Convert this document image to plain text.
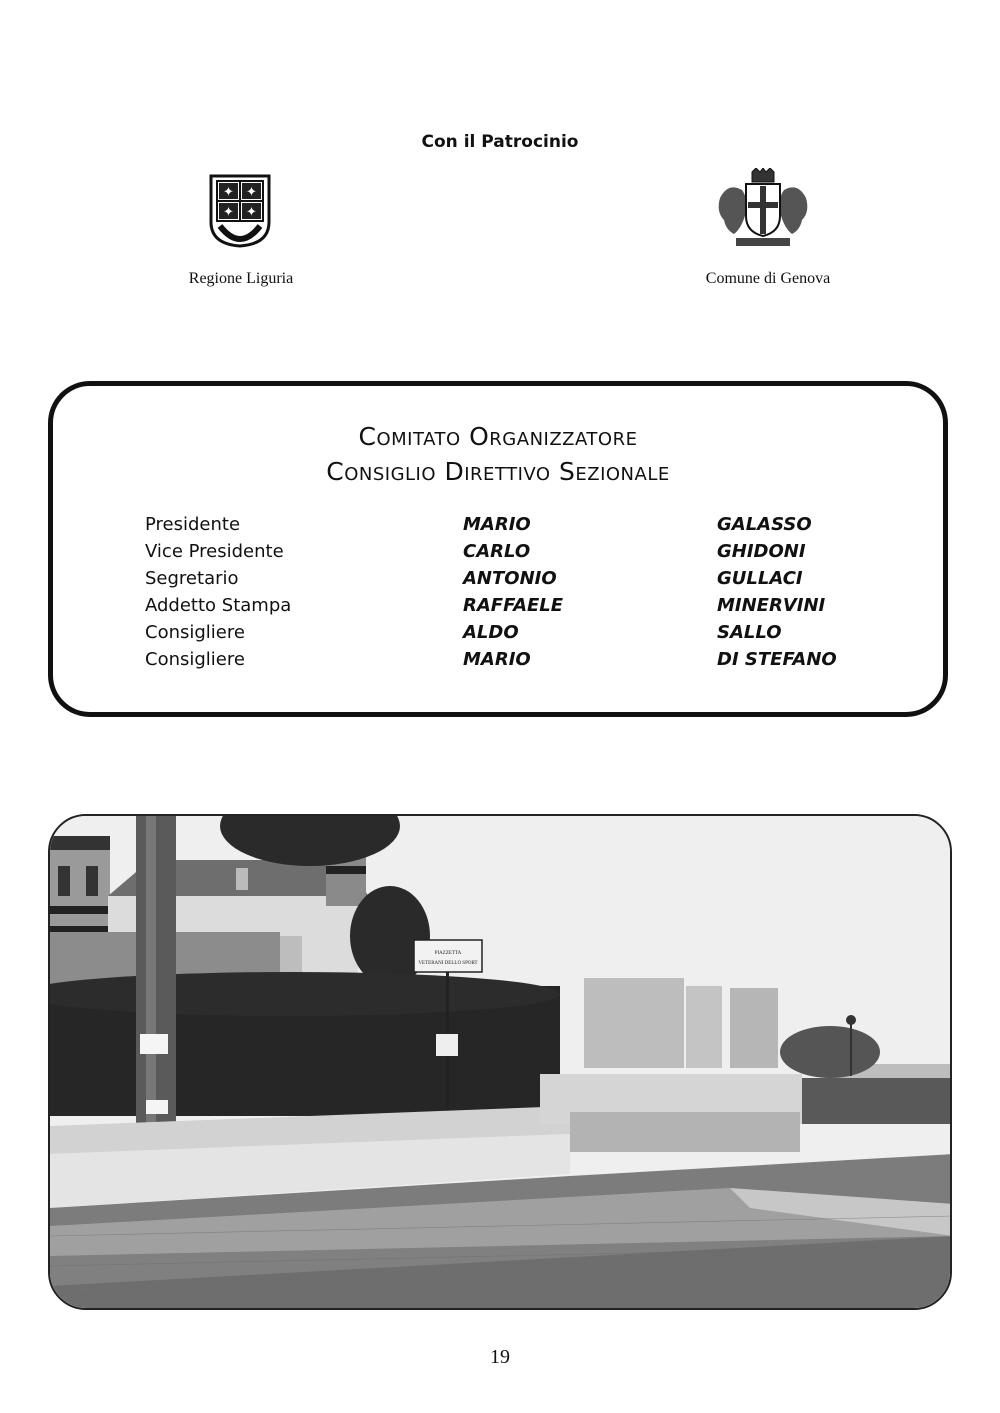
Con il Patrocinio
✦ ✦
✦ ✦
Regione Liguria	Comune di Genova
Comitato Organizzatore
Consiglio Direttivo Sezionale
Presidente	MARIO	GALASSO
Vice Presidente	CARLO	GHIDONI
Segretario	ANTONIO	GULLACI
Addetto Stampa	RAFFAELE	MINERVINI
Consigliere	ALDO	SALLO
Consigliere	MARIO	DI STEFANO
PIAZZETTA
VETERANI DELLO SPORT
19
